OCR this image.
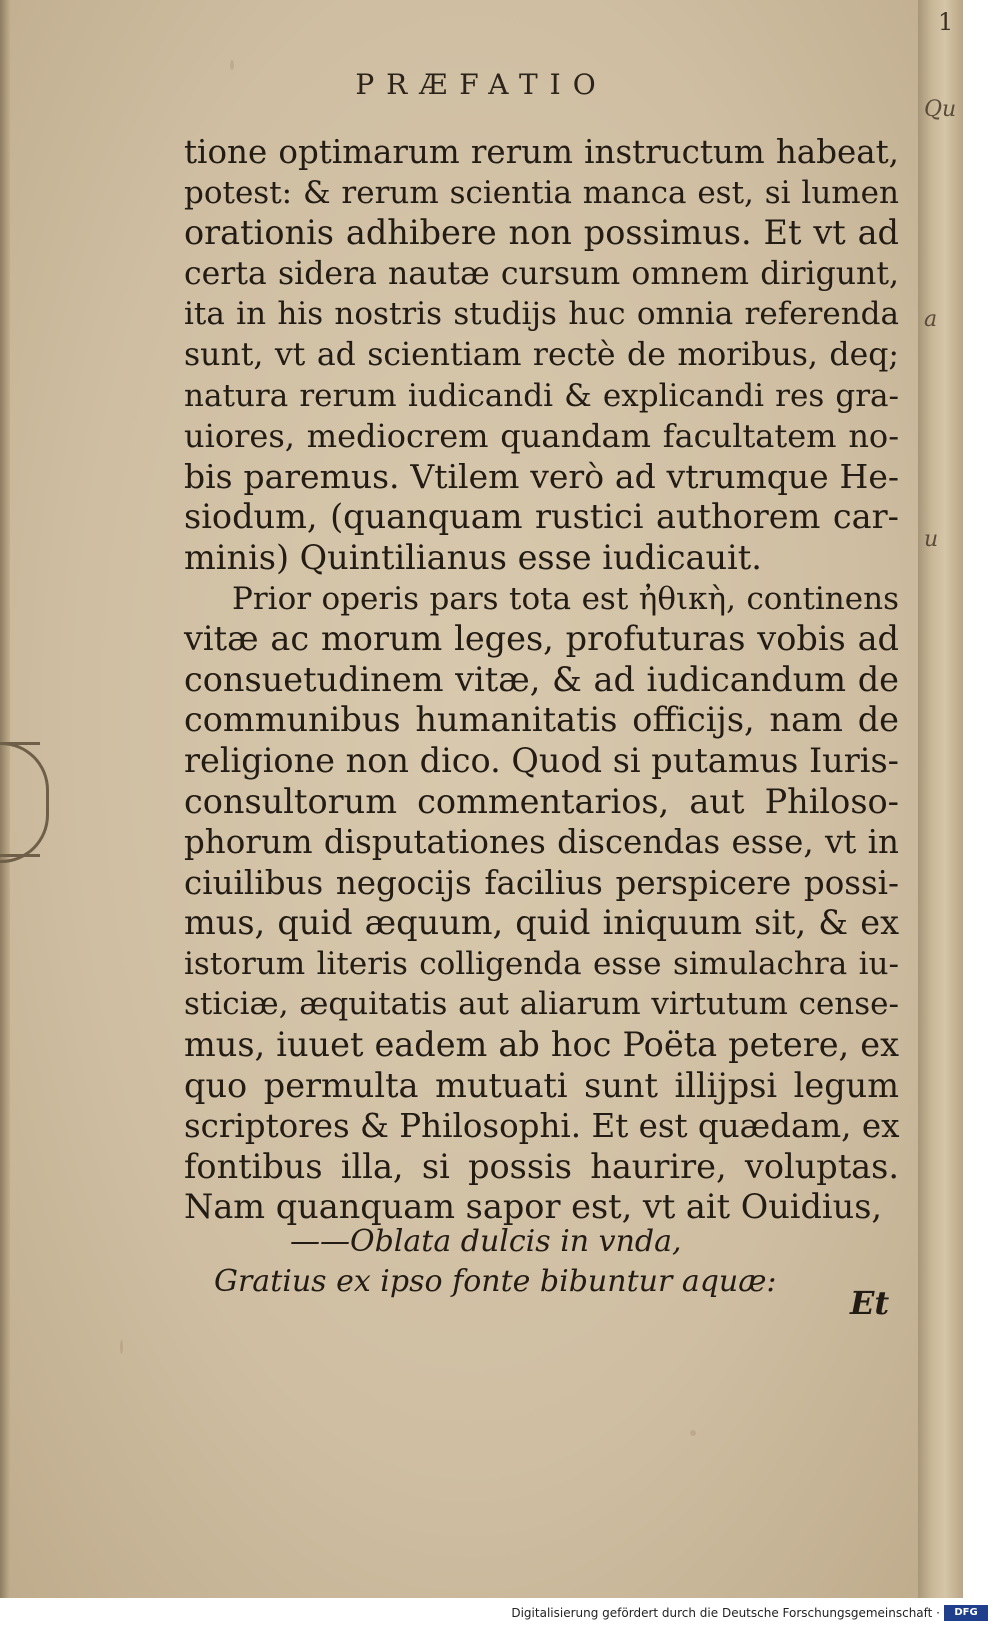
Qu
a
u
1
PRÆFATIO
tione optimarum rerum instructum habeat,
potest: & rerum scientia manca est, si lumen
orationis adhibere non possimus. Et vt ad
certa sidera nautæ cursum omnem dirigunt,
ita in his nostris studijs huc omnia referenda
sunt, vt ad scientiam rectè de moribus, deq;
natura rerum iudicandi & explicandi res gra-
uiores, mediocrem quandam facultatem no-
bis paremus. Vtilem verò ad vtrumque He-
siodum, (quanquam rustici authorem car-
minis) Quintilianus esse iudicauit.
Prior operis pars tota est ἠθικὴ, continens
vitæ ac morum leges, profuturas vobis ad
consuetudinem vitæ, & ad iudicandum de
communibus humanitatis officijs, nam de
religione non dico. Quod si putamus Iuris-
consultorum commentarios, aut Philoso-
phorum disputationes discendas esse, vt in
ciuilibus negocijs facilius perspicere possi-
mus, quid æquum, quid iniquum sit, & ex
istorum literis colligenda esse simulachra iu-
sticiæ, æquitatis aut aliarum virtutum cense-
mus, iuuet eadem ab hoc Poëta petere, ex
quo permulta mutuati sunt illijpsi legum
scriptores & Philosophi. Et est quædam, ex
fontibus illa, si possis haurire, voluptas.
Nam quanquam sapor est, vt ait Ouidius,
——Oblata dulcis in vnda,
Gratius ex ipso fonte bibuntur aquæ:
Et
Digitalisierung gefördert durch die Deutsche Forschungsgemeinschaft ·	DFG
